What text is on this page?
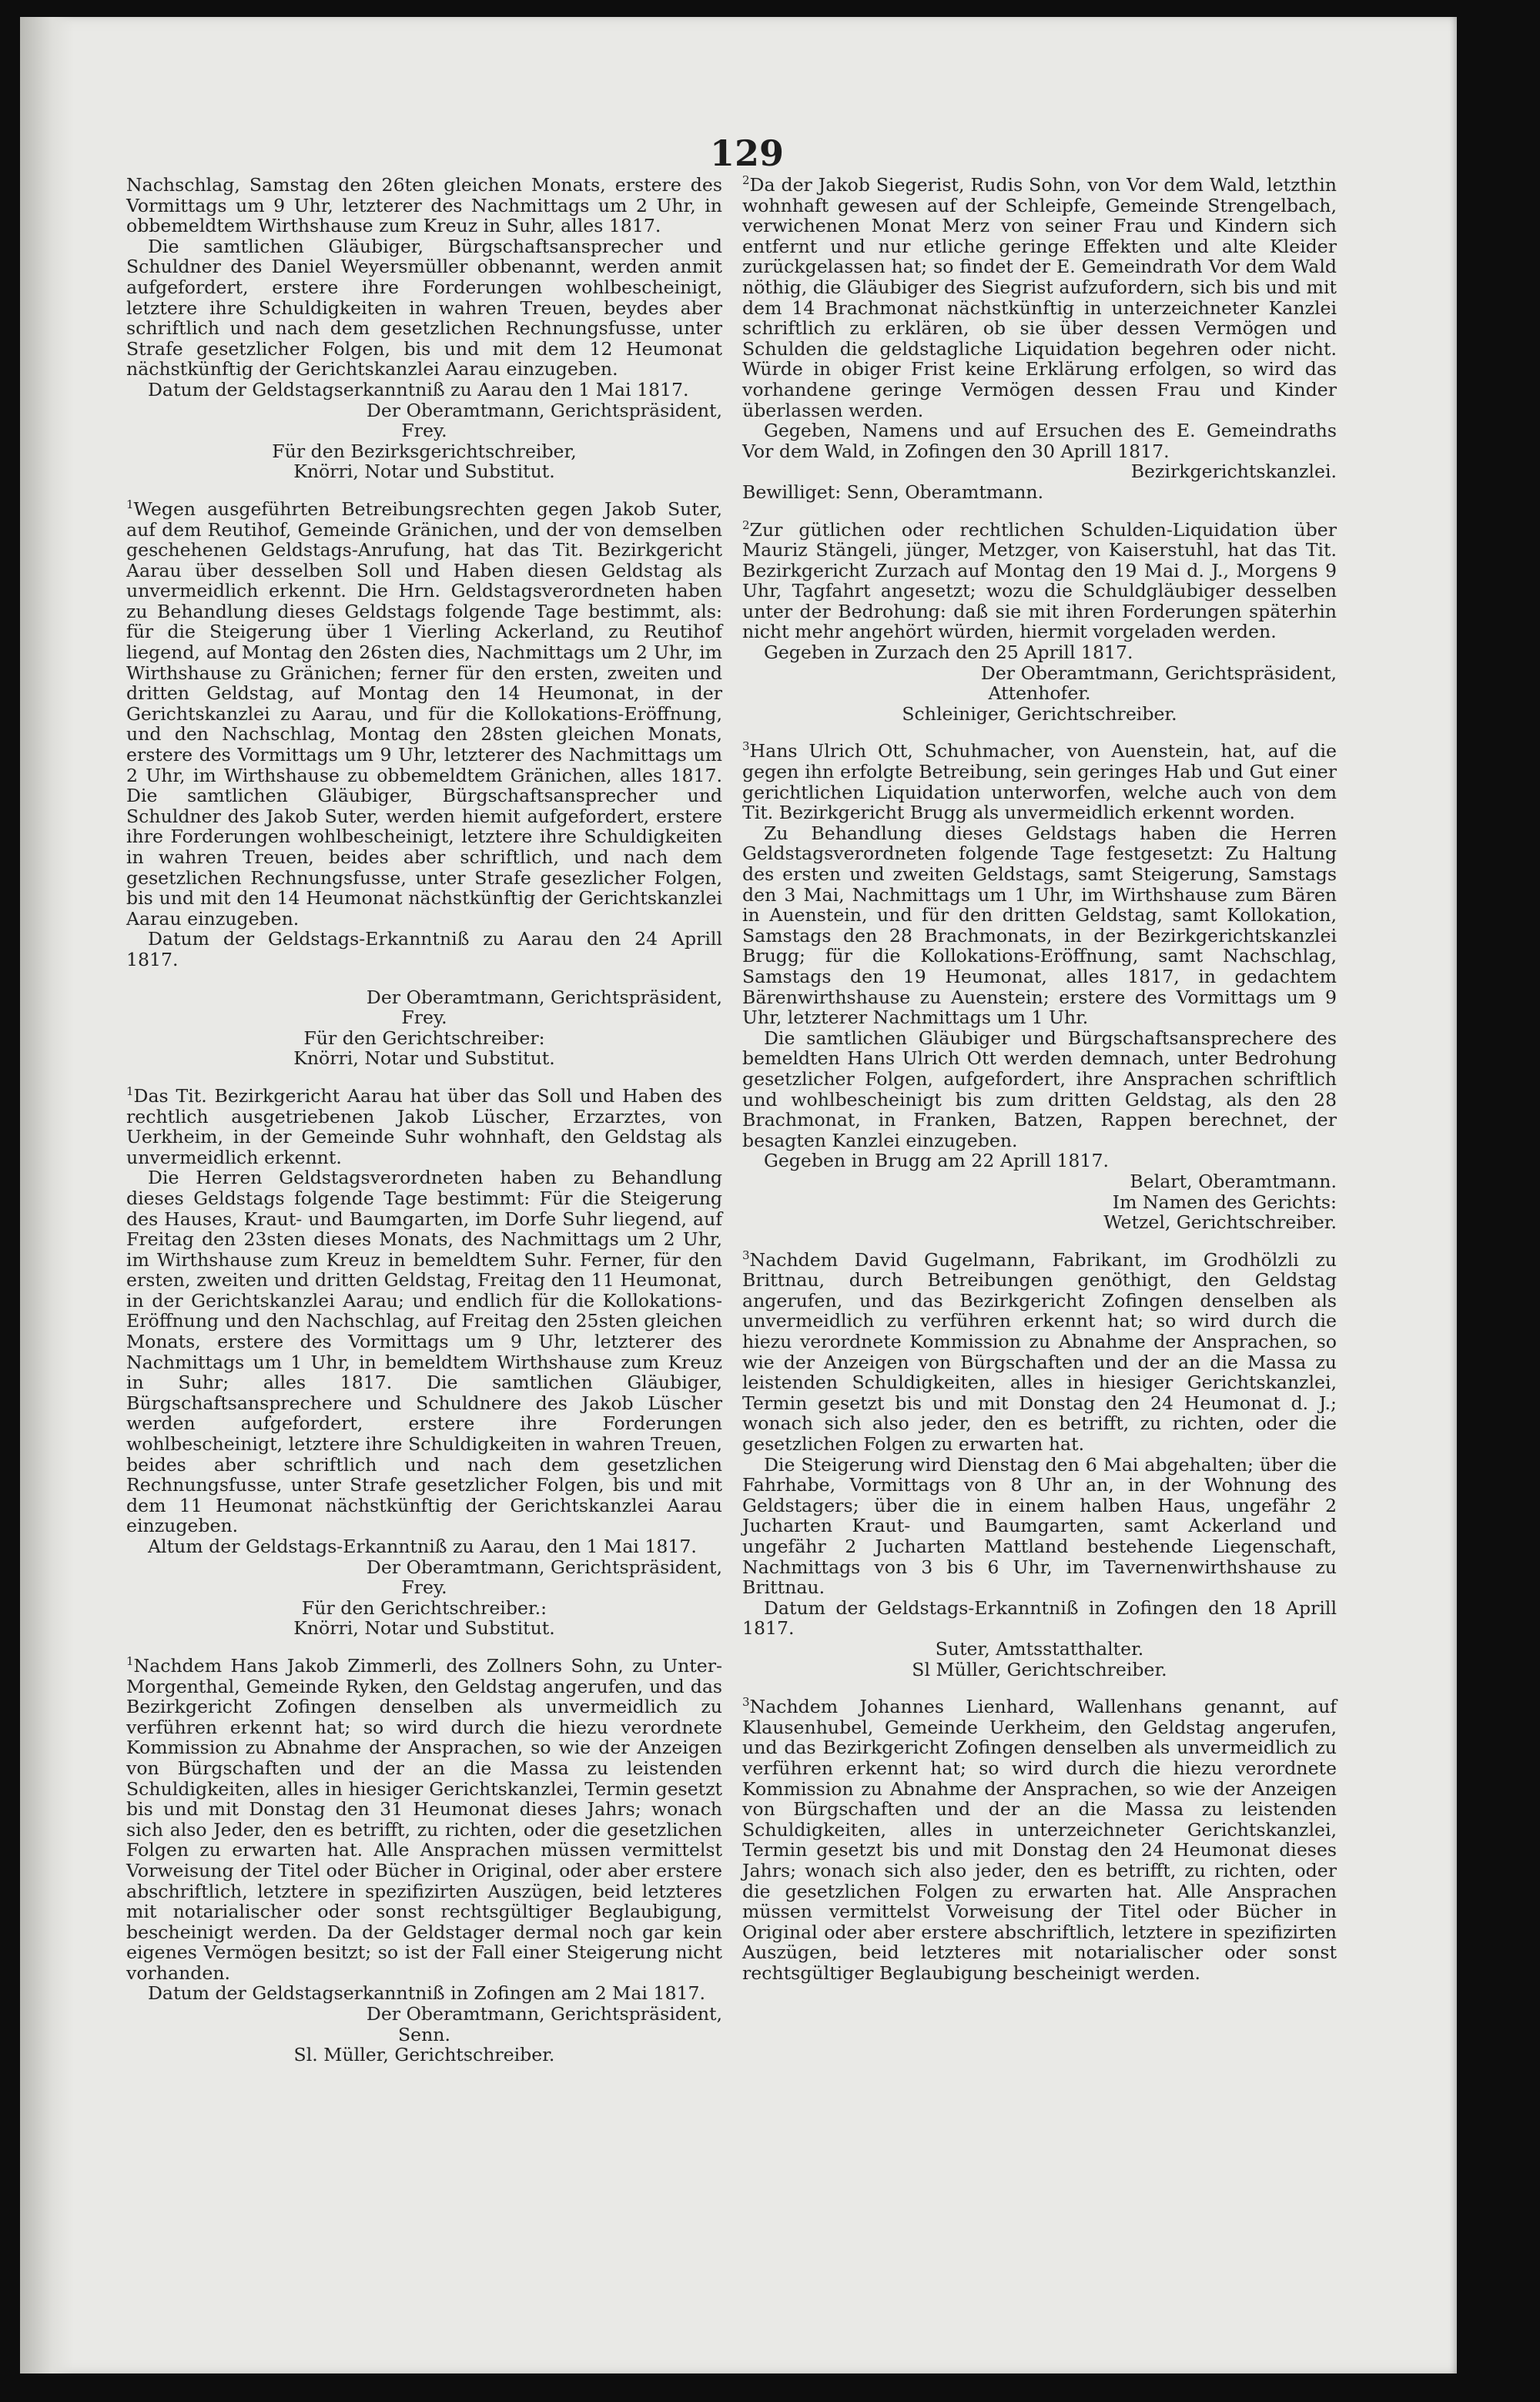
129

Nachschlag, Samstag den 26ten gleichen Monats, erstere des Vormittags um 9 Uhr, letzterer des Nachmittags um 2 Uhr, in obbemeldtem Wirthshause zum Kreuz in Suhr, alles 1817.

Die samtlichen Gläubiger, Bürgschaftsansprecher und Schuldner des Daniel Weyersmüller obbenannt, werden anmit aufgefordert, erstere ihre Forderungen wohlbescheinigt, letztere ihre Schuldigkeiten in wahren Treuen, beydes aber schriftlich und nach dem gesetzlichen Rechnungsfusse, unter Strafe gesetzlicher Folgen, bis und mit dem 12 Heumonat nächstkünftig der Gerichtskanzlei Aarau einzugeben.

Datum der Geldstagserkanntniß zu Aarau den 1 Mai 1817.

Der Oberamtmann, Gerichtspräsident,

Frey.

Für den Bezirksgerichtschreiber,

Knörri, Notar und Substitut.

$^1$Wegen ausgeführten Betreibungsrechten gegen Jakob Suter, auf dem Reutihof, Gemeinde Gränichen, und der von demselben geschehenen Geldstags-Anrufung, hat das Tit. Bezirkgericht Aarau über desselben Soll und Haben diesen Geldstag als unvermeidlich erkennt. Die Hrn. Geldstagsverordneten haben zu Behandlung dieses Geldstags folgende Tage bestimmt, als: für die Steigerung über 1 Vierling Ackerland, zu Reutihof liegend, auf Montag den 26sten dies, Nachmittags um 2 Uhr, im Wirthshause zu Gränichen; ferner für den ersten, zweiten und dritten Geldstag, auf Montag den 14 Heumonat, in der Gerichtskanzlei zu Aarau, und für die Kollokations-Eröffnung, und den Nachschlag, Montag den 28sten gleichen Monats, erstere des Vormittags um 9 Uhr, letzterer des Nachmittags um 2 Uhr, im Wirthshause zu obbemeldtem Gränichen, alles 1817. Die samtlichen Gläubiger, Bürgschaftsansprecher und Schuldner des Jakob Suter, werden hiemit aufgefordert, erstere ihre Forderungen wohlbescheinigt, letztere ihre Schuldigkeiten in wahren Treuen, beides aber schriftlich, und nach dem gesetzlichen Rechnungsfusse, unter Strafe gesezlicher Folgen, bis und mit den 14 Heumonat nächstkünftig der Gerichtskanzlei Aarau einzugeben.

Datum der Geldstags-Erkanntniß zu Aarau den 24 Aprill 1817.

Der Oberamtmann, Gerichtspräsident,

Frey.

Für den Gerichtschreiber:

Knörri, Notar und Substitut.

$^1$Das Tit. Bezirkgericht Aarau hat über das Soll und Haben des rechtlich ausgetriebenen Jakob Lüscher, Erzarztes, von Uerkheim, in der Gemeinde Suhr wohnhaft, den Geldstag als unvermeidlich erkennt.

Die Herren Geldstagsverordneten haben zu Behandlung dieses Geldstags folgende Tage bestimmt: Für die Steigerung des Hauses, Kraut- und Baumgarten, im Dorfe Suhr liegend, auf Freitag den 23sten dieses Monats, des Nachmittags um 2 Uhr, im Wirthshause zum Kreuz in bemeldtem Suhr. Ferner, für den ersten, zweiten und dritten Geldstag, Freitag den 11 Heumonat, in der Gerichtskanzlei Aarau; und endlich für die Kollokations-Eröffnung und den Nachschlag, auf Freitag den 25sten gleichen Monats, erstere des Vormittags um 9 Uhr, letzterer des Nachmittags um 1 Uhr, in bemeldtem Wirthshause zum Kreuz in Suhr; alles 1817. Die samtlichen Gläubiger, Bürgschaftsansprechere und Schuldnere des Jakob Lüscher werden aufgefordert, erstere ihre Forderungen wohlbescheinigt, letztere ihre Schuldigkeiten in wahren Treuen, beides aber schriftlich und nach dem gesetzlichen Rechnungsfusse, unter Strafe gesetzlicher Folgen, bis und mit dem 11 Heumonat nächstkünftig der Gerichtskanzlei Aarau einzugeben.

Altum der Geldstags-Erkanntniß zu Aarau, den 1 Mai 1817.

Der Oberamtmann, Gerichtspräsident,

Frey.

Für den Gerichtschreiber.:

Knörri, Notar und Substitut.

$^1$Nachdem Hans Jakob Zimmerli, des Zollners Sohn, zu Unter-Morgenthal, Gemeinde Ryken, den Geldstag angerufen, und das Bezirkgericht Zofingen denselben als unvermeidlich zu verführen erkennt hat; so wird durch die hiezu verordnete Kommission zu Abnahme der Ansprachen, so wie der Anzeigen von Bürgschaften und der an die Massa zu leistenden Schuldigkeiten, alles in hiesiger Gerichtskanzlei, Termin gesetzt bis und mit Donstag den 31 Heumonat dieses Jahrs; wonach sich also Jeder, den es betrifft, zu richten, oder die gesetzlichen Folgen zu erwarten hat. Alle Ansprachen müssen vermittelst Vorweisung der Titel oder Bücher in Original, oder aber erstere abschriftlich, letztere in spezifizirten Auszügen, beid letzteres mit notarialischer oder sonst rechtsgültiger Beglaubigung, bescheinigt werden. Da der Geldstager dermal noch gar kein eigenes Vermögen besitzt; so ist der Fall einer Steigerung nicht vorhanden.

Datum der Geldstagserkanntniß in Zofingen am 2 Mai 1817.

Der Oberamtmann, Gerichtspräsident,

Senn.

Sl. Müller, Gerichtschreiber.

$^2$Da der Jakob Siegerist, Rudis Sohn, von Vor dem Wald, letzthin wohnhaft gewesen auf der Schleipfe, Gemeinde Strengelbach, verwichenen Monat Merz von seiner Frau und Kindern sich entfernt und nur etliche geringe Effekten und alte Kleider zurückgelassen hat; so findet der E. Gemeindrath Vor dem Wald nöthig, die Gläubiger des Siegrist aufzufordern, sich bis und mit dem 14 Brachmonat nächstkünftig in unterzeichneter Kanzlei schriftlich zu erklären, ob sie über dessen Vermögen und Schulden die geldstagliche Liquidation begehren oder nicht. Würde in obiger Frist keine Erklärung erfolgen, so wird das vorhandene geringe Vermögen dessen Frau und Kinder überlassen werden.

Gegeben, Namens und auf Ersuchen des E. Gemeindraths Vor dem Wald, in Zofingen den 30 Aprill 1817.

Bezirkgerichtskanzlei.

Bewilliget: Senn, Oberamtmann.

$^2$Zur gütlichen oder rechtlichen Schulden-Liquidation über Mauriz Stängeli, jünger, Metzger, von Kaiserstuhl, hat das Tit. Bezirkgericht Zurzach auf Montag den 19 Mai d. J., Morgens 9 Uhr, Tagfahrt angesetzt; wozu die Schuldgläubiger desselben unter der Bedrohung: daß sie mit ihren Forderungen späterhin nicht mehr angehört würden, hiermit vorgeladen werden.

Gegeben in Zurzach den 25 Aprill 1817.

Der Oberamtmann, Gerichtspräsident,

Attenhofer.

Schleiniger, Gerichtschreiber.

$^3$Hans Ulrich Ott, Schuhmacher, von Auenstein, hat, auf die gegen ihn erfolgte Betreibung, sein geringes Hab und Gut einer gerichtlichen Liquidation unterworfen, welche auch von dem Tit. Bezirkgericht Brugg als unvermeidlich erkennt worden.

Zu Behandlung dieses Geldstags haben die Herren Geldstagsverordneten folgende Tage festgesetzt: Zu Haltung des ersten und zweiten Geldstags, samt Steigerung, Samstags den 3 Mai, Nachmittags um 1 Uhr, im Wirthshause zum Bären in Auenstein, und für den dritten Geldstag, samt Kollokation, Samstags den 28 Brachmonats, in der Bezirkgerichtskanzlei Brugg; für die Kollokations-Eröffnung, samt Nachschlag, Samstags den 19 Heumonat, alles 1817, in gedachtem Bärenwirthshause zu Auenstein; erstere des Vormittags um 9 Uhr, letzterer Nachmittags um 1 Uhr.

Die samtlichen Gläubiger und Bürgschaftsansprechere des bemeldten Hans Ulrich Ott werden demnach, unter Bedrohung gesetzlicher Folgen, aufgefordert, ihre Ansprachen schriftlich und wohlbescheinigt bis zum dritten Geldstag, als den 28 Brachmonat, in Franken, Batzen, Rappen berechnet, der besagten Kanzlei einzugeben.

Gegeben in Brugg am 22 Aprill 1817.

Belart, Oberamtmann.

Im Namen des Gerichts:

Wetzel, Gerichtschreiber.

$^3$Nachdem David Gugelmann, Fabrikant, im Grodhölzli zu Brittnau, durch Betreibungen genöthigt, den Geldstag angerufen, und das Bezirkgericht Zofingen denselben als unvermeidlich zu verführen erkennt hat; so wird durch die hiezu verordnete Kommission zu Abnahme der Ansprachen, so wie der Anzeigen von Bürgschaften und der an die Massa zu leistenden Schuldigkeiten, alles in hiesiger Gerichtskanzlei, Termin gesetzt bis und mit Donstag den 24 Heumonat d. J.; wonach sich also jeder, den es betrifft, zu richten, oder die gesetzlichen Folgen zu erwarten hat.

Die Steigerung wird Dienstag den 6 Mai abgehalten; über die Fahrhabe, Vormittags von 8 Uhr an, in der Wohnung des Geldstagers; über die in einem halben Haus, ungefähr 2 Jucharten Kraut- und Baumgarten, samt Ackerland und ungefähr 2 Jucharten Mattland bestehende Liegenschaft, Nachmittags von 3 bis 6 Uhr, im Tavernenwirthshause zu Brittnau.

Datum der Geldstags-Erkanntniß in Zofingen den 18 Aprill 1817.

Suter, Amtsstatthalter.

Sl Müller, Gerichtschreiber.

$^3$Nachdem Johannes Lienhard, Wallenhans genannt, auf Klausenhubel, Gemeinde Uerkheim, den Geldstag angerufen, und das Bezirkgericht Zofingen denselben als unvermeidlich zu verführen erkennt hat; so wird durch die hiezu verordnete Kommission zu Abnahme der Ansprachen, so wie der Anzeigen von Bürgschaften und der an die Massa zu leistenden Schuldigkeiten, alles in unterzeichneter Gerichtskanzlei, Termin gesetzt bis und mit Donstag den 24 Heumonat dieses Jahrs; wonach sich also jeder, den es betrifft, zu richten, oder die gesetzlichen Folgen zu erwarten hat. Alle Ansprachen müssen vermittelst Vorweisung der Titel oder Bücher in Original oder aber erstere abschriftlich, letztere in spezifizirten Auszügen, beid letzteres mit notarialischer oder sonst rechtsgültiger Beglaubigung bescheinigt werden.
